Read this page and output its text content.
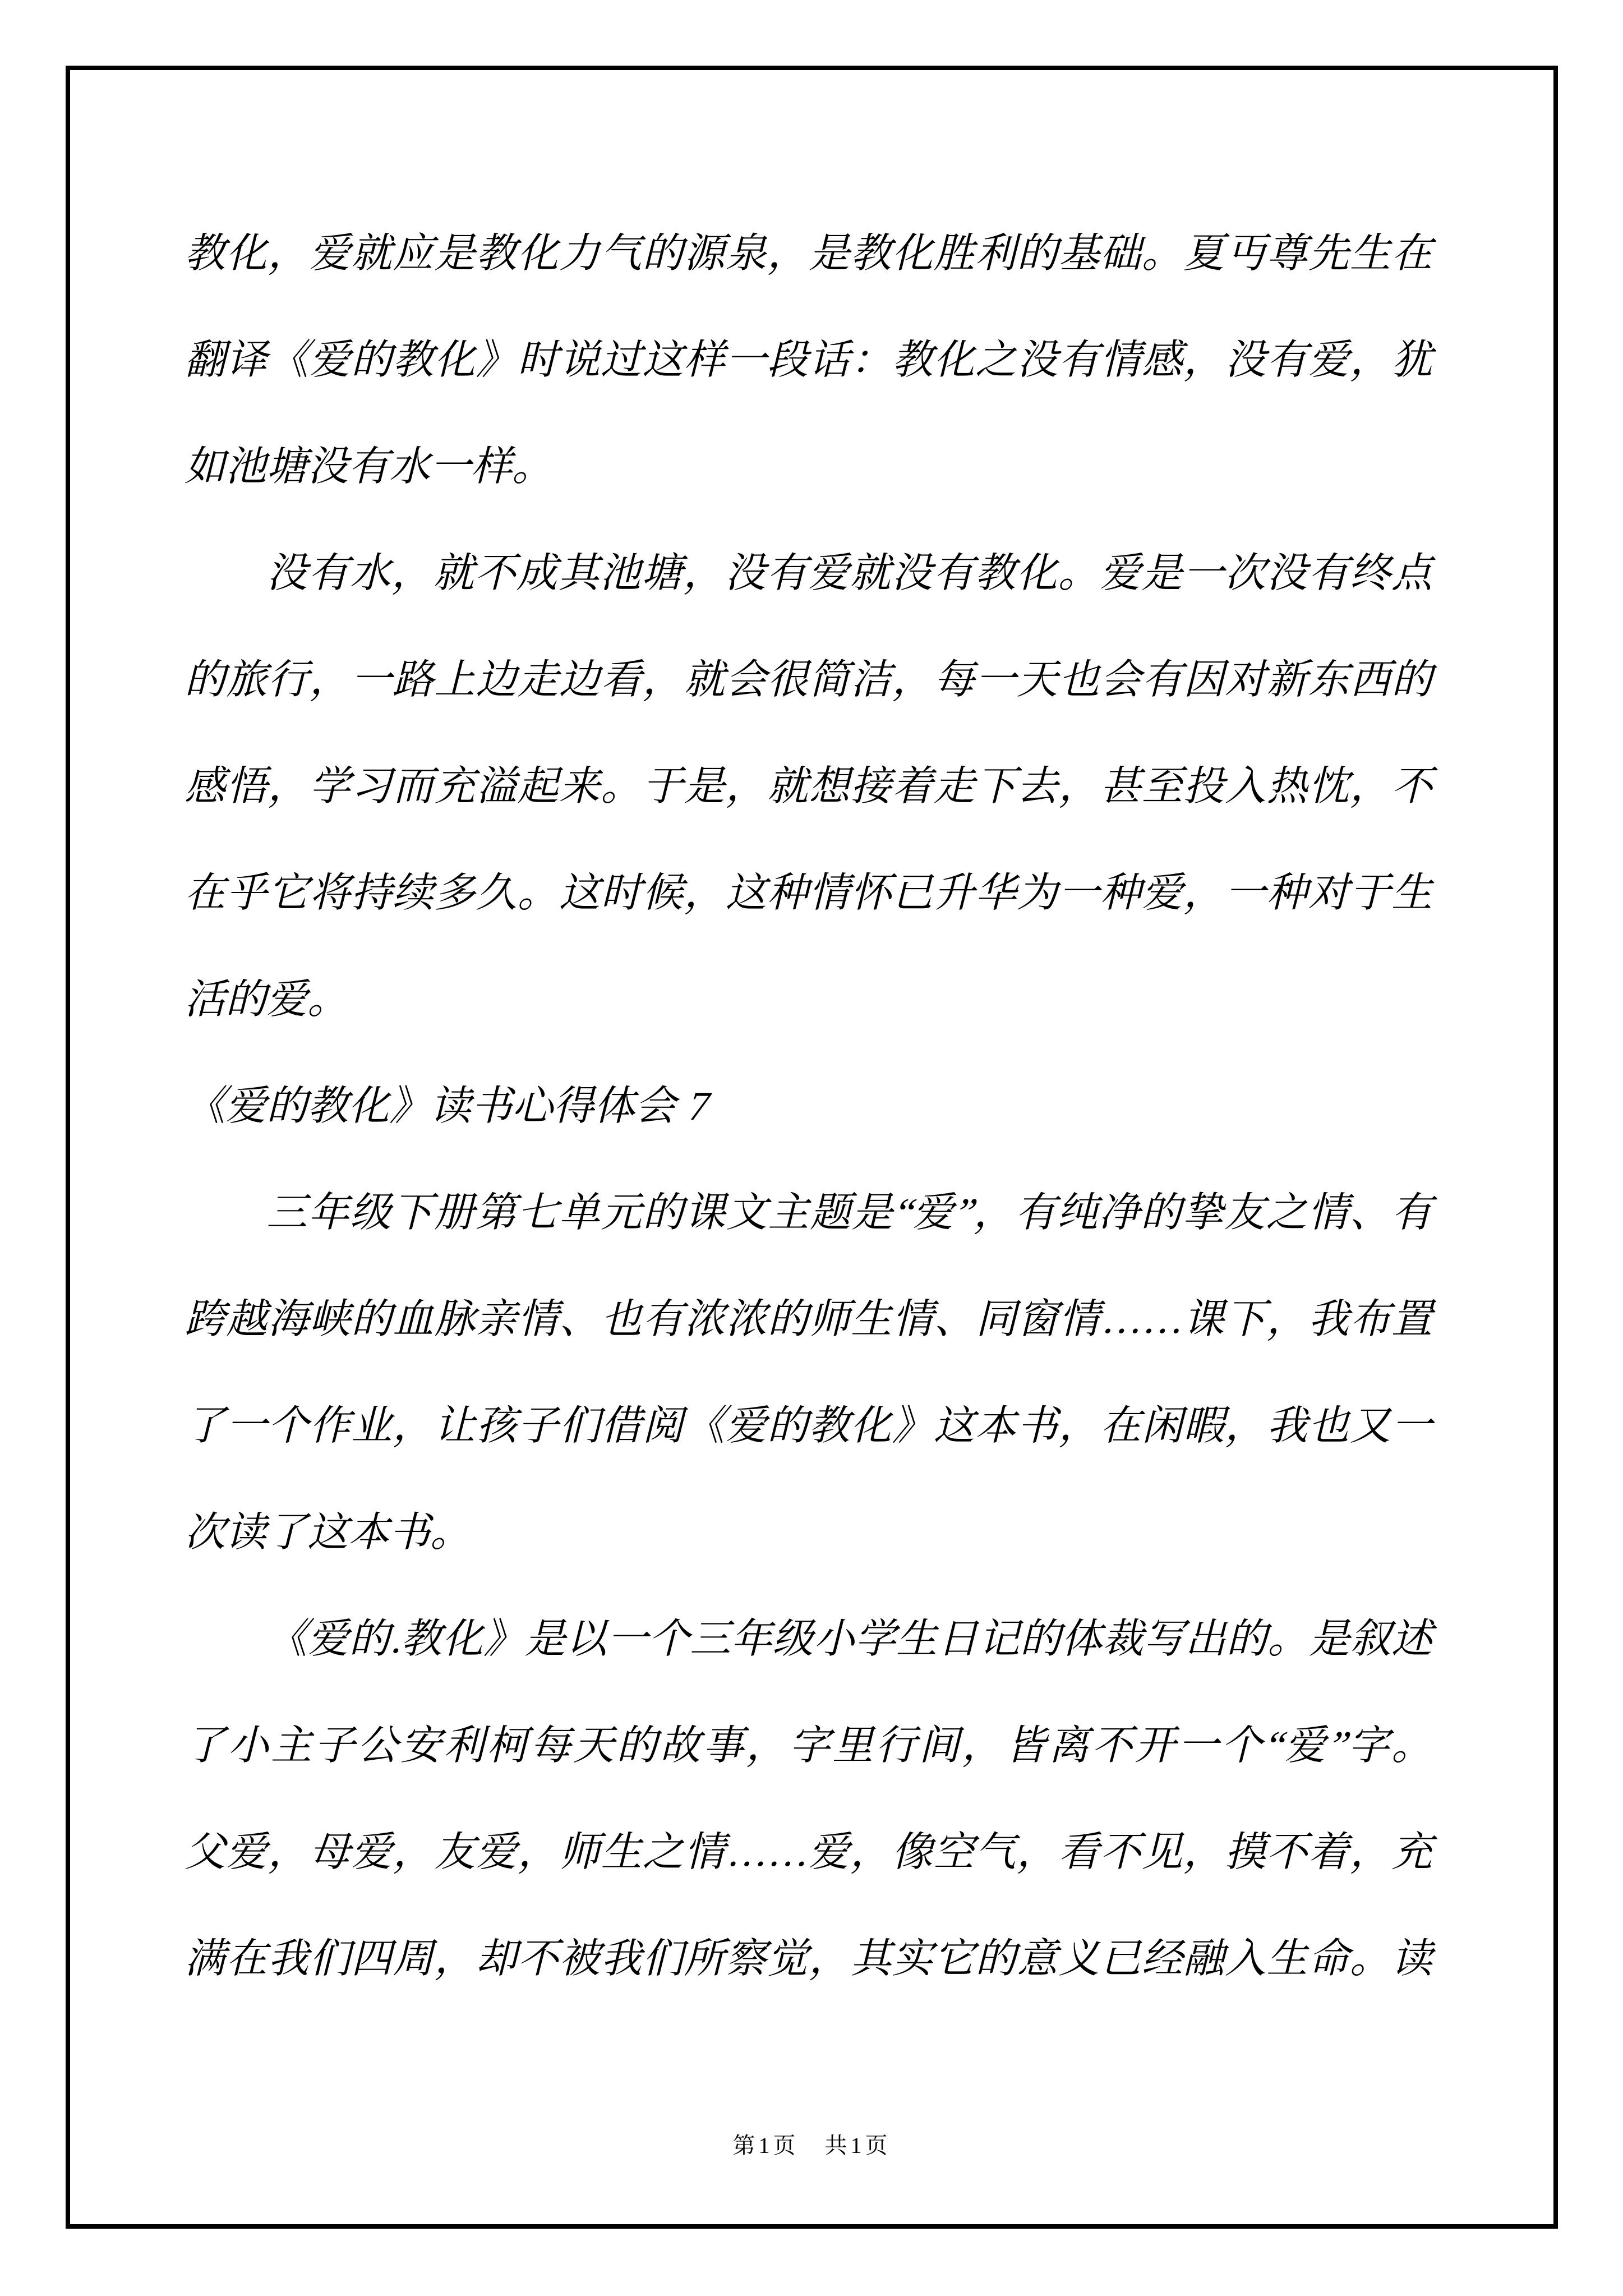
教化，爱就应是教化力气的源泉，是教化胜利的基础。夏丏尊先生在
翻译《爱的教化》时说过这样一段话：教化之没有情感，没有爱，犹
如池塘没有水一样。
没有水，就不成其池塘，没有爱就没有教化。爱是一次没有终点
的旅行，一路上边走边看，就会很简洁，每一天也会有因对新东西的
感悟，学习而充溢起来。于是，就想接着走下去，甚至投入热忱，不
在乎它将持续多久。这时候，这种情怀已升华为一种爱，一种对于生
活的爱。
《爱的教化》读书心得体会 7
三年级下册第七单元的课文主题是“爱”，有纯净的挚友之情、有
跨越海峡的血脉亲情、也有浓浓的师生情、同窗情……课下，我布置
了一个作业，让孩子们借阅《爱的教化》这本书，在闲暇，我也又一
次读了这本书。
《爱的.教化》是以一个三年级小学生日记的体裁写出的。是叙述
了小主子公安利柯每天的故事，字里行间，皆离不开一个“爱”字。
父爱，母爱，友爱，师生之情……爱，像空气，看不见，摸不着，充
满在我们四周，却不被我们所察觉，其实它的意义已经融入生命。读
第1页　共1页
